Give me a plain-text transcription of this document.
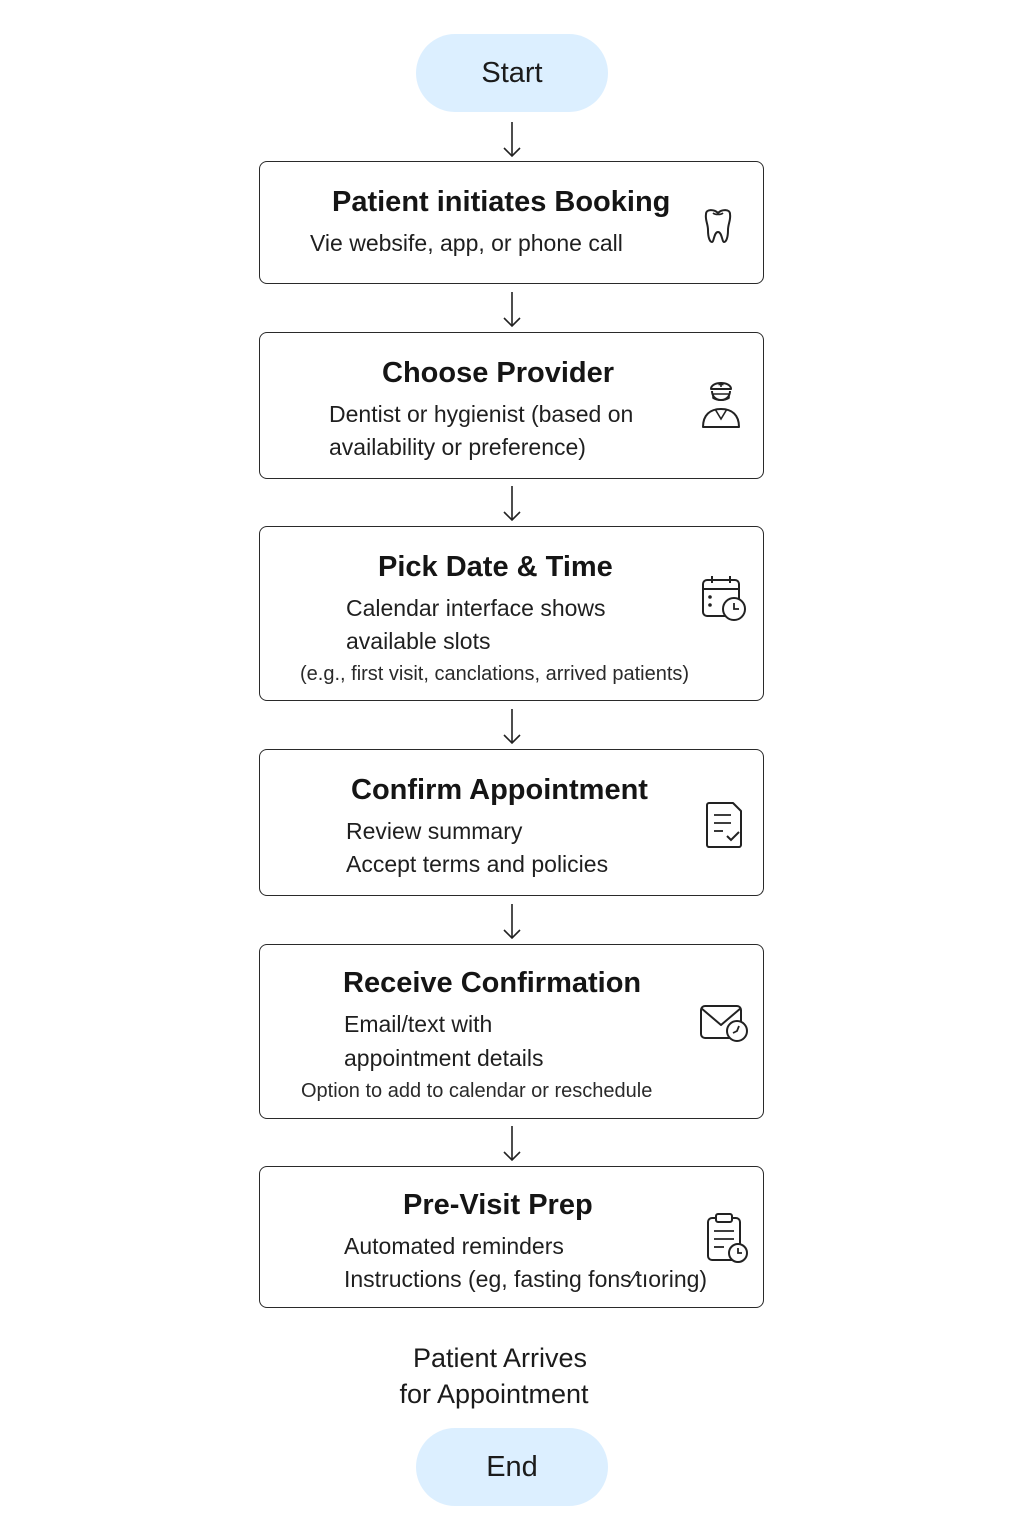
Start
Patient initiates Booking
Vie websife, app, or phone call
Choose Provider
Dentist or hygienist (based on
availability or preference)
Pick Date & Time
Calendar interface shows
available slots
(e.g., first visit, canclations, arrived patients)
Confirm Appointment
Review summary
Accept terms and policies
Receive Confirmation
Email/text with
appointment details
Option to add to calendar or reschedule
Pre-Visit Prep
Automated reminders
Instructions (eg, fasting fons⁄tıoring)
Patient Arrives
for Appointment
End
